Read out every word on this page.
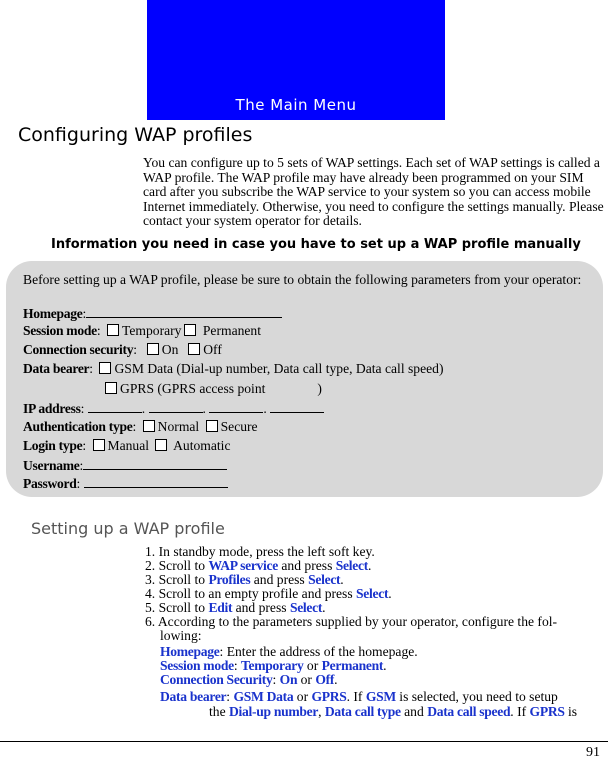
The Main Menu
Configuring WAP profiles

You can configure up to 5 sets of WAP settings. Each set of WAP settings is called a WAP profile. The WAP profile may have already been programmed on your SIM card after you subscribe the WAP service to your system so you can access mobile Internet immediately. Otherwise, you need to configure the settings manually. Please contact your system operator for details.

Information you need in case you have to set up a WAP profile manually

Before setting up a WAP profile, please be sure to obtain the following parameters from your operator:

Homepage:
Session mode: Temporary Permanent
Connection security:  On Off
Data bearer: GSM Data (Dial-up number, Data call type, Data call speed)
GPRS (GPRS access point	)
IP address:	.	.	.
Authentication type: Normal Secure
Login type: Manual Automatic
Username:
Password:
Setting up a WAP profile
1. In standby mode, press the left soft key.
2. Scroll to WAP service and press Select.
3. Scroll to Profiles and press Select.
4. Scroll to an empty profile and press Select.
5. Scroll to Edit and press Select.
6. According to the parameters supplied by your operator, configure the fol-
lowing:
Homepage: Enter the address of the homepage.
Session mode: Temporary or Permanent.
Connection Security: On or Off.
Data bearer: GSM Data or GPRS. If GSM is selected, you need to setup
the Dial-up number, Data call type and Data call speed. If GPRS is
91
